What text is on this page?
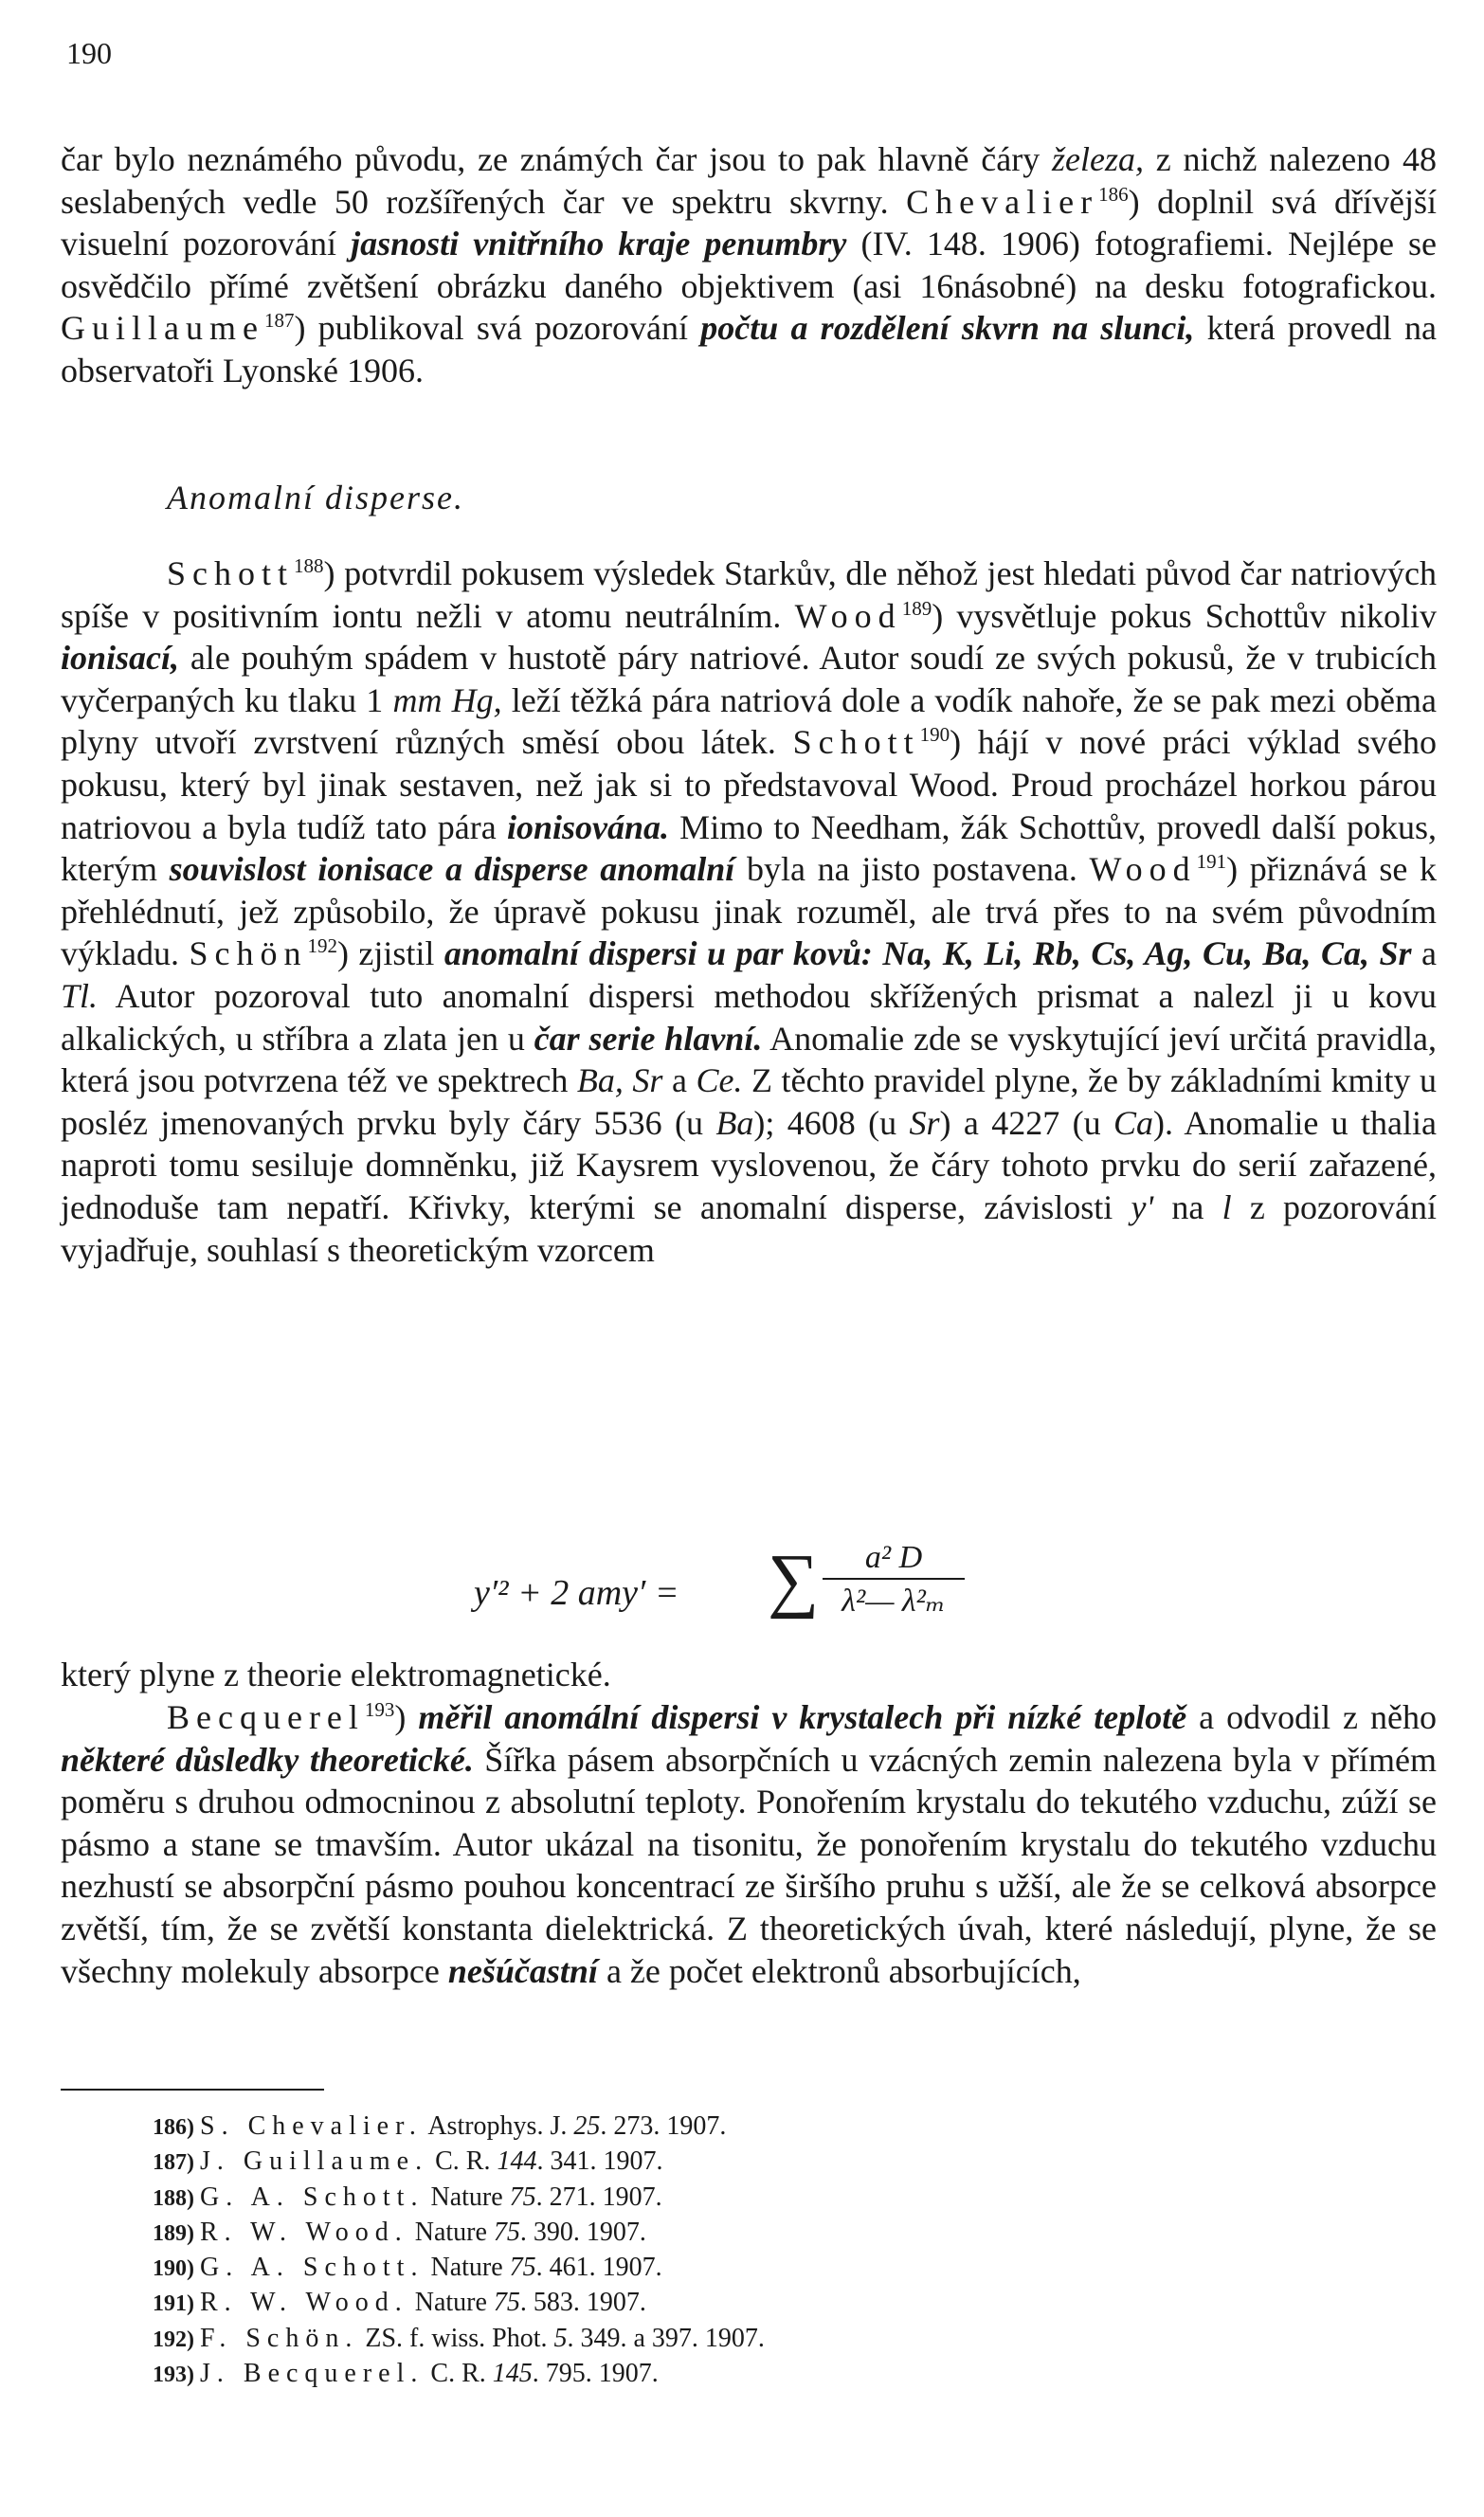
190
čar bylo neznámého původu, ze známých čar jsou to pak hlavně čáry železa, z nichž nalezeno 48 seslabených vedle 50 rozšířených čar ve spektru skvrny. Chevalier$^{186}$) doplnil svá dřívější visuelní pozorování jasnosti vnitřního kraje penumbry (IV. 148. 1906) fotografiemi. Nejlépe se osvědčilo přímé zvětšení obrázku daného objektivem (asi 16násobné) na desku fotografickou. Guillaume$^{187}$) publikoval svá pozorování počtu a rozdělení skvrn na slunci, která provedl na observatoři Lyonské 1906.
Anomalní disperse.
Schott$^{188}$) potvrdil pokusem výsledek Starkův, dle něhož jest hledati původ čar natriových spíše v positivním iontu nežli v atomu neutrálním. Wood$^{189}$) vysvětluje pokus Schottův nikoliv ionisací, ale pouhým spádem v hustotě páry natriové. Autor soudí ze svých pokusů, že v trubicích vyčerpaných ku tlaku 1 mm Hg, leží těžká pára natriová dole a vodík nahoře, že se pak mezi oběma plyny utvoří zvrstvení různých směsí obou látek. Schott$^{190}$) hájí v nové práci výklad svého pokusu, který byl jinak sestaven, než jak si to představoval Wood. Proud procházel horkou párou natriovou a byla tudíž tato pára ionisována. Mimo to Needham, žák Schottův, provedl další pokus, kterým souvislost ionisace a disperse anomalní byla na jisto postavena. Wood$^{191}$) přiznává se k přehlédnutí, jež způsobilo, že úpravě pokusu jinak rozuměl, ale trvá přes to na svém původním výkladu. Schön$^{192}$) zjistil anomalní dispersi u par kovů: Na, K, Li, Rb, Cs, Ag, Cu, Ba, Ca, Sr a Tl. Autor pozoroval tuto anomalní dispersi methodou skřížených prismat a nalezl ji u kovu alkalických, u stříbra a zlata jen u čar serie hlavní. Anomalie zde se vyskytující jeví určitá pravidla, která jsou potvrzena též ve spektrech Ba, Sr a Ce. Z těchto pravidel plyne, že by základními kmity u posléz jmenovaných prvku byly čáry 5536 (u Ba); 4608 (u Sr) a 4227 (u Ca). Anomalie u thalia naproti tomu sesiluje domněnku, již Kaysrem vyslovenou, že čáry tohoto prvku do serií zařazené, jednoduše tam nepatří. Křivky, kterými se anomalní disperse, závislosti y' na l z pozorování vyjadřuje, souhlasí s theoretickým vzorcem
y′² + 2 amy′ = ∑ $\frac{\text{a² D}}{\text{λ²— λ²ₘ}}$
který plyne z theorie elektromagnetické.
Becquerel$^{193}$) měřil anomální dispersi v krystalech při nízké teplotě a odvodil z něho některé důsledky theoretické. Šířka pásem absorpčních u vzácných zemin nalezena byla v přímém poměru s druhou odmocninou z absolutní teploty. Ponořením krystalu do tekutého vzduchu, zúží se pásmo a stane se tmavším. Autor ukázal na tisonitu, že ponořením krystalu do tekutého vzduchu nezhustí se absorpční pásmo pouhou koncentrací ze širšího pruhu s užší, ale že se celková absorpce zvětší, tím, že se zvětší konstanta dielektrická. Z theoretických úvah, které následují, plyne, že se všechny molekuly absorpce nešúčastní a že počet elektronů absorbujících,
186) S. Chevalier. Astrophys. J. 25. 273. 1907.
187) J. Guillaume. C. R. 144. 341. 1907.
188) G. A. Schott. Nature 75. 271. 1907.
189) R. W. Wood. Nature 75. 390. 1907.
190) G. A. Schott. Nature 75. 461. 1907.
191) R. W. Wood. Nature 75. 583. 1907.
192) F. Schön. ZS. f. wiss. Phot. 5. 349. a 397. 1907.
193) J. Becquerel. C. R. 145. 795. 1907.
